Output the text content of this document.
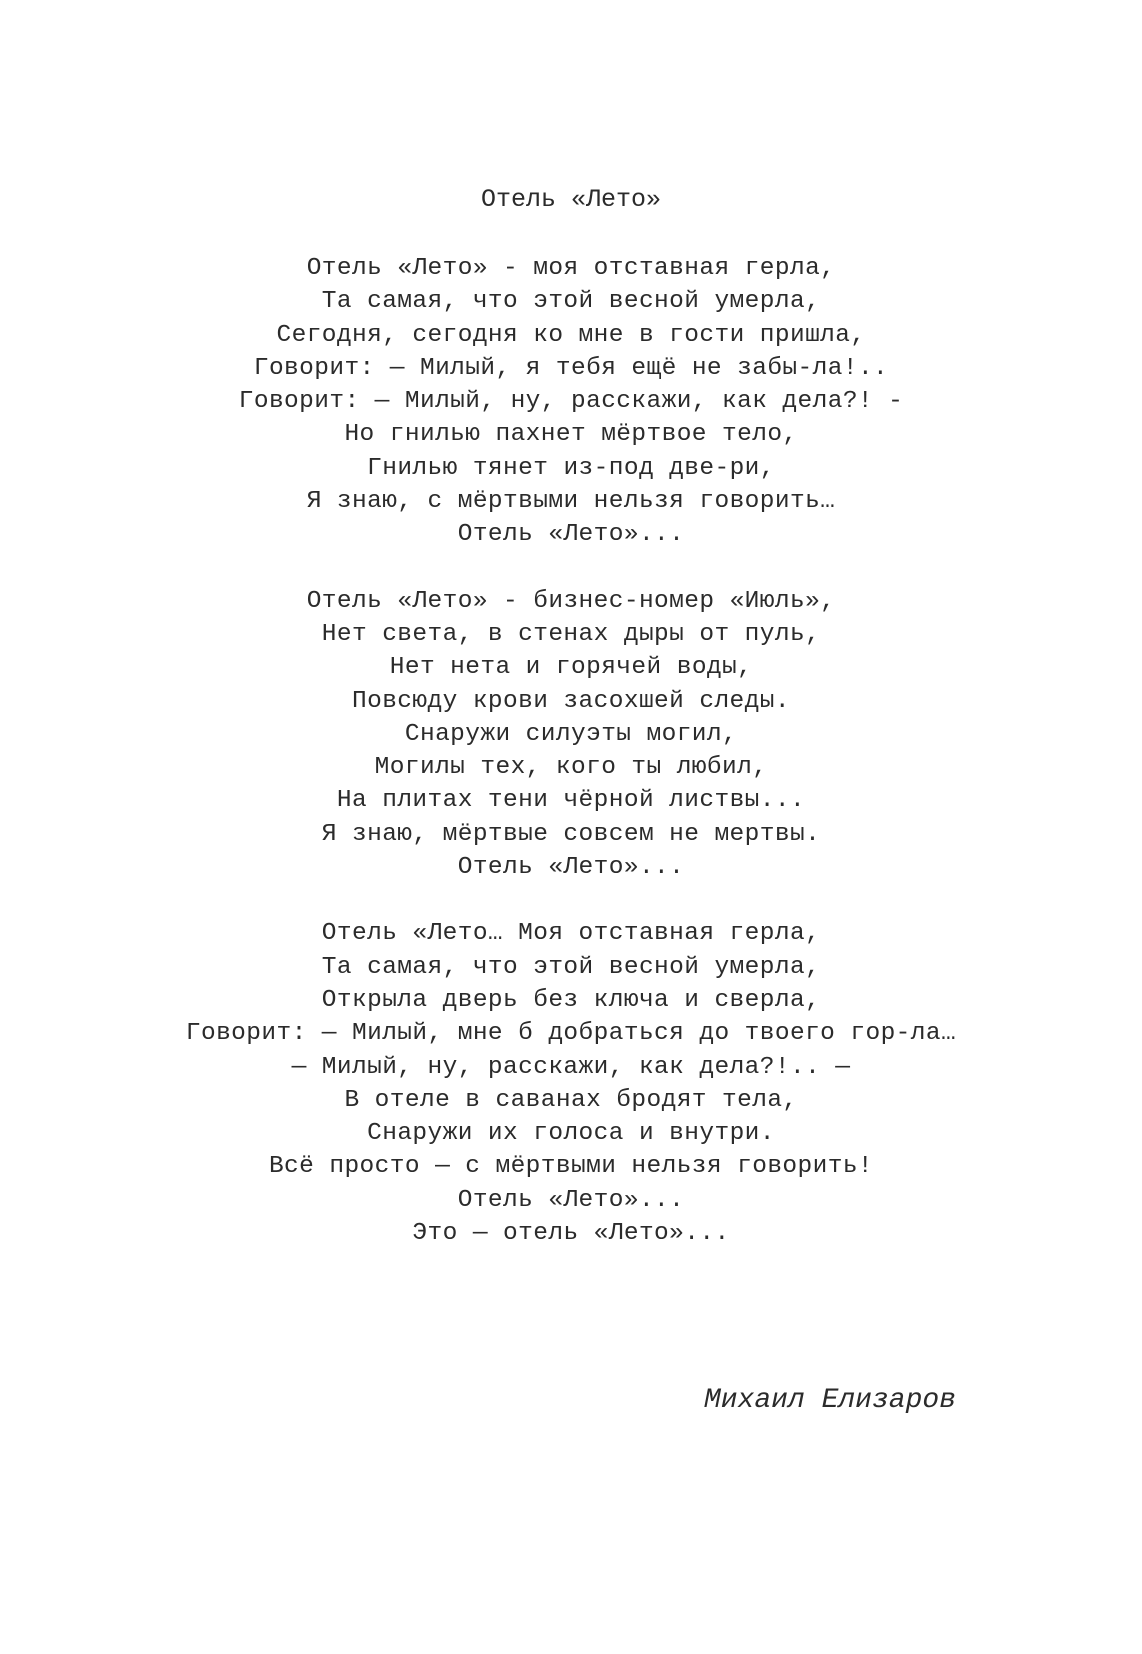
Отель «Лето»
Отель «Лето» - моя отставная герла,
Та самая, что этой весной умерла,
Сегодня, сегодня ко мне в гости пришла,
Говорит: — Милый, я тебя ещё не забы-ла!..
Говорит: — Милый, ну, расскажи, как дела?! -
Но гнилью пахнет мёртвое тело,
Гнилью тянет из-под две-ри,
Я знаю, с мёртвыми нельзя говорить…
Отель «Лето»...
Отель «Лето» - бизнес-номер «Июль»,
Нет света, в стенах дыры от пуль,
Нет нета и горячей воды,
Повсюду крови засохшей следы.
Снаружи силуэты могил,
Могилы тех, кого ты любил,
На плитах тени чёрной листвы...
Я знаю, мёртвые совсем не мертвы.
Отель «Лето»...
Отель «Лето… Моя отставная герла,
Та самая, что этой весной умерла,
Открыла дверь без ключа и сверла,
Говорит: — Милый, мне б добраться до твоего гор-ла…
— Милый, ну, расскажи, как дела?!.. —
В отеле в саванах бродят тела,
Снаружи их голоса и внутри.
Всё просто — с мёртвыми нельзя говорить!
Отель «Лето»...
Это — отель «Лето»...
Михаил Елизаров
